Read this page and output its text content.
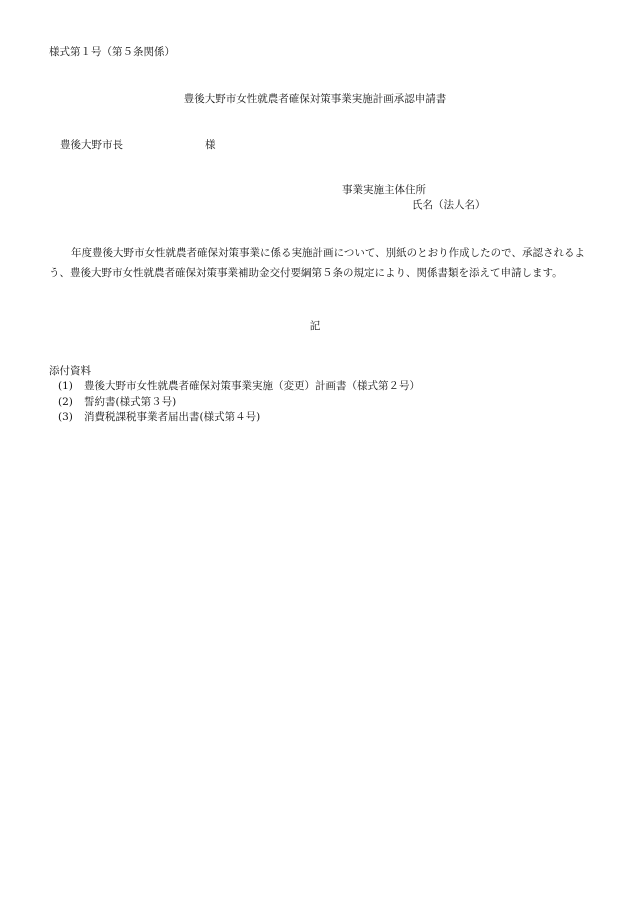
様式第１号（第５条関係）
豊後大野市女性就農者確保対策事業実施計画承認申請書
豊後大野市長	様
事業実施主体住所
氏名（法人名）

年度豊後大野市女性就農者確保対策事業に係る実施計画について、別紙のとおり作成したので、承認されるよう、豊後大野市女性就農者確保対策事業補助金交付要綱第５条の規定により、関係書類を添えて申請します。

記
添付資料
(1) 豊後大野市女性就農者確保対策事業実施（変更）計画書（様式第２号）
(2) 誓約書(様式第３号)
(3) 消費税課税事業者届出書(様式第４号)
